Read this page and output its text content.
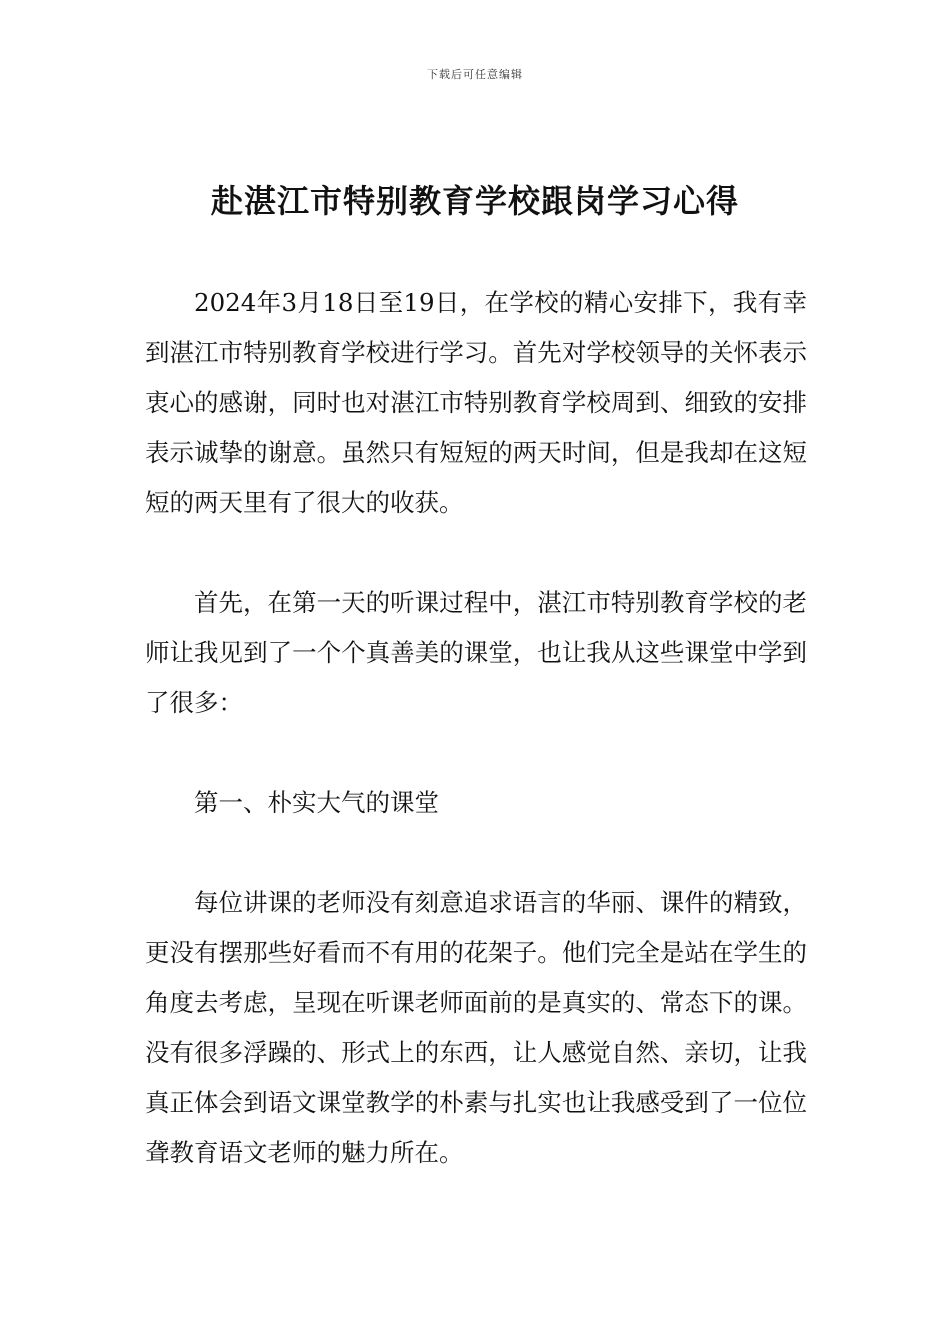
下载后可任意编辑
赴湛江市特别教育学校跟岗学习心得

2024年3月18日至19日，在学校的精心安排下，我有幸到湛江市特别教育学校进行学习。首先对学校领导的关怀表示衷心的感谢，同时也对湛江市特别教育学校周到、细致的安排表示诚挚的谢意。虽然只有短短的两天时间，但是我却在这短短的两天里有了很大的收获。

首先，在第一天的听课过程中，湛江市特别教育学校的老师让我见到了一个个真善美的课堂，也让我从这些课堂中学到了很多：

第一、朴实大气的课堂

每位讲课的老师没有刻意追求语言的华丽、课件的精致，更没有摆那些好看而不有用的花架子。他们完全是站在学生的角度去考虑，呈现在听课老师面前的是真实的、常态下的课。没有很多浮躁的、形式上的东西，让人感觉自然、亲切，让我真正体会到语文课堂教学的朴素与扎实也让我感受到了一位位聋教育语文老师的魅力所在。
